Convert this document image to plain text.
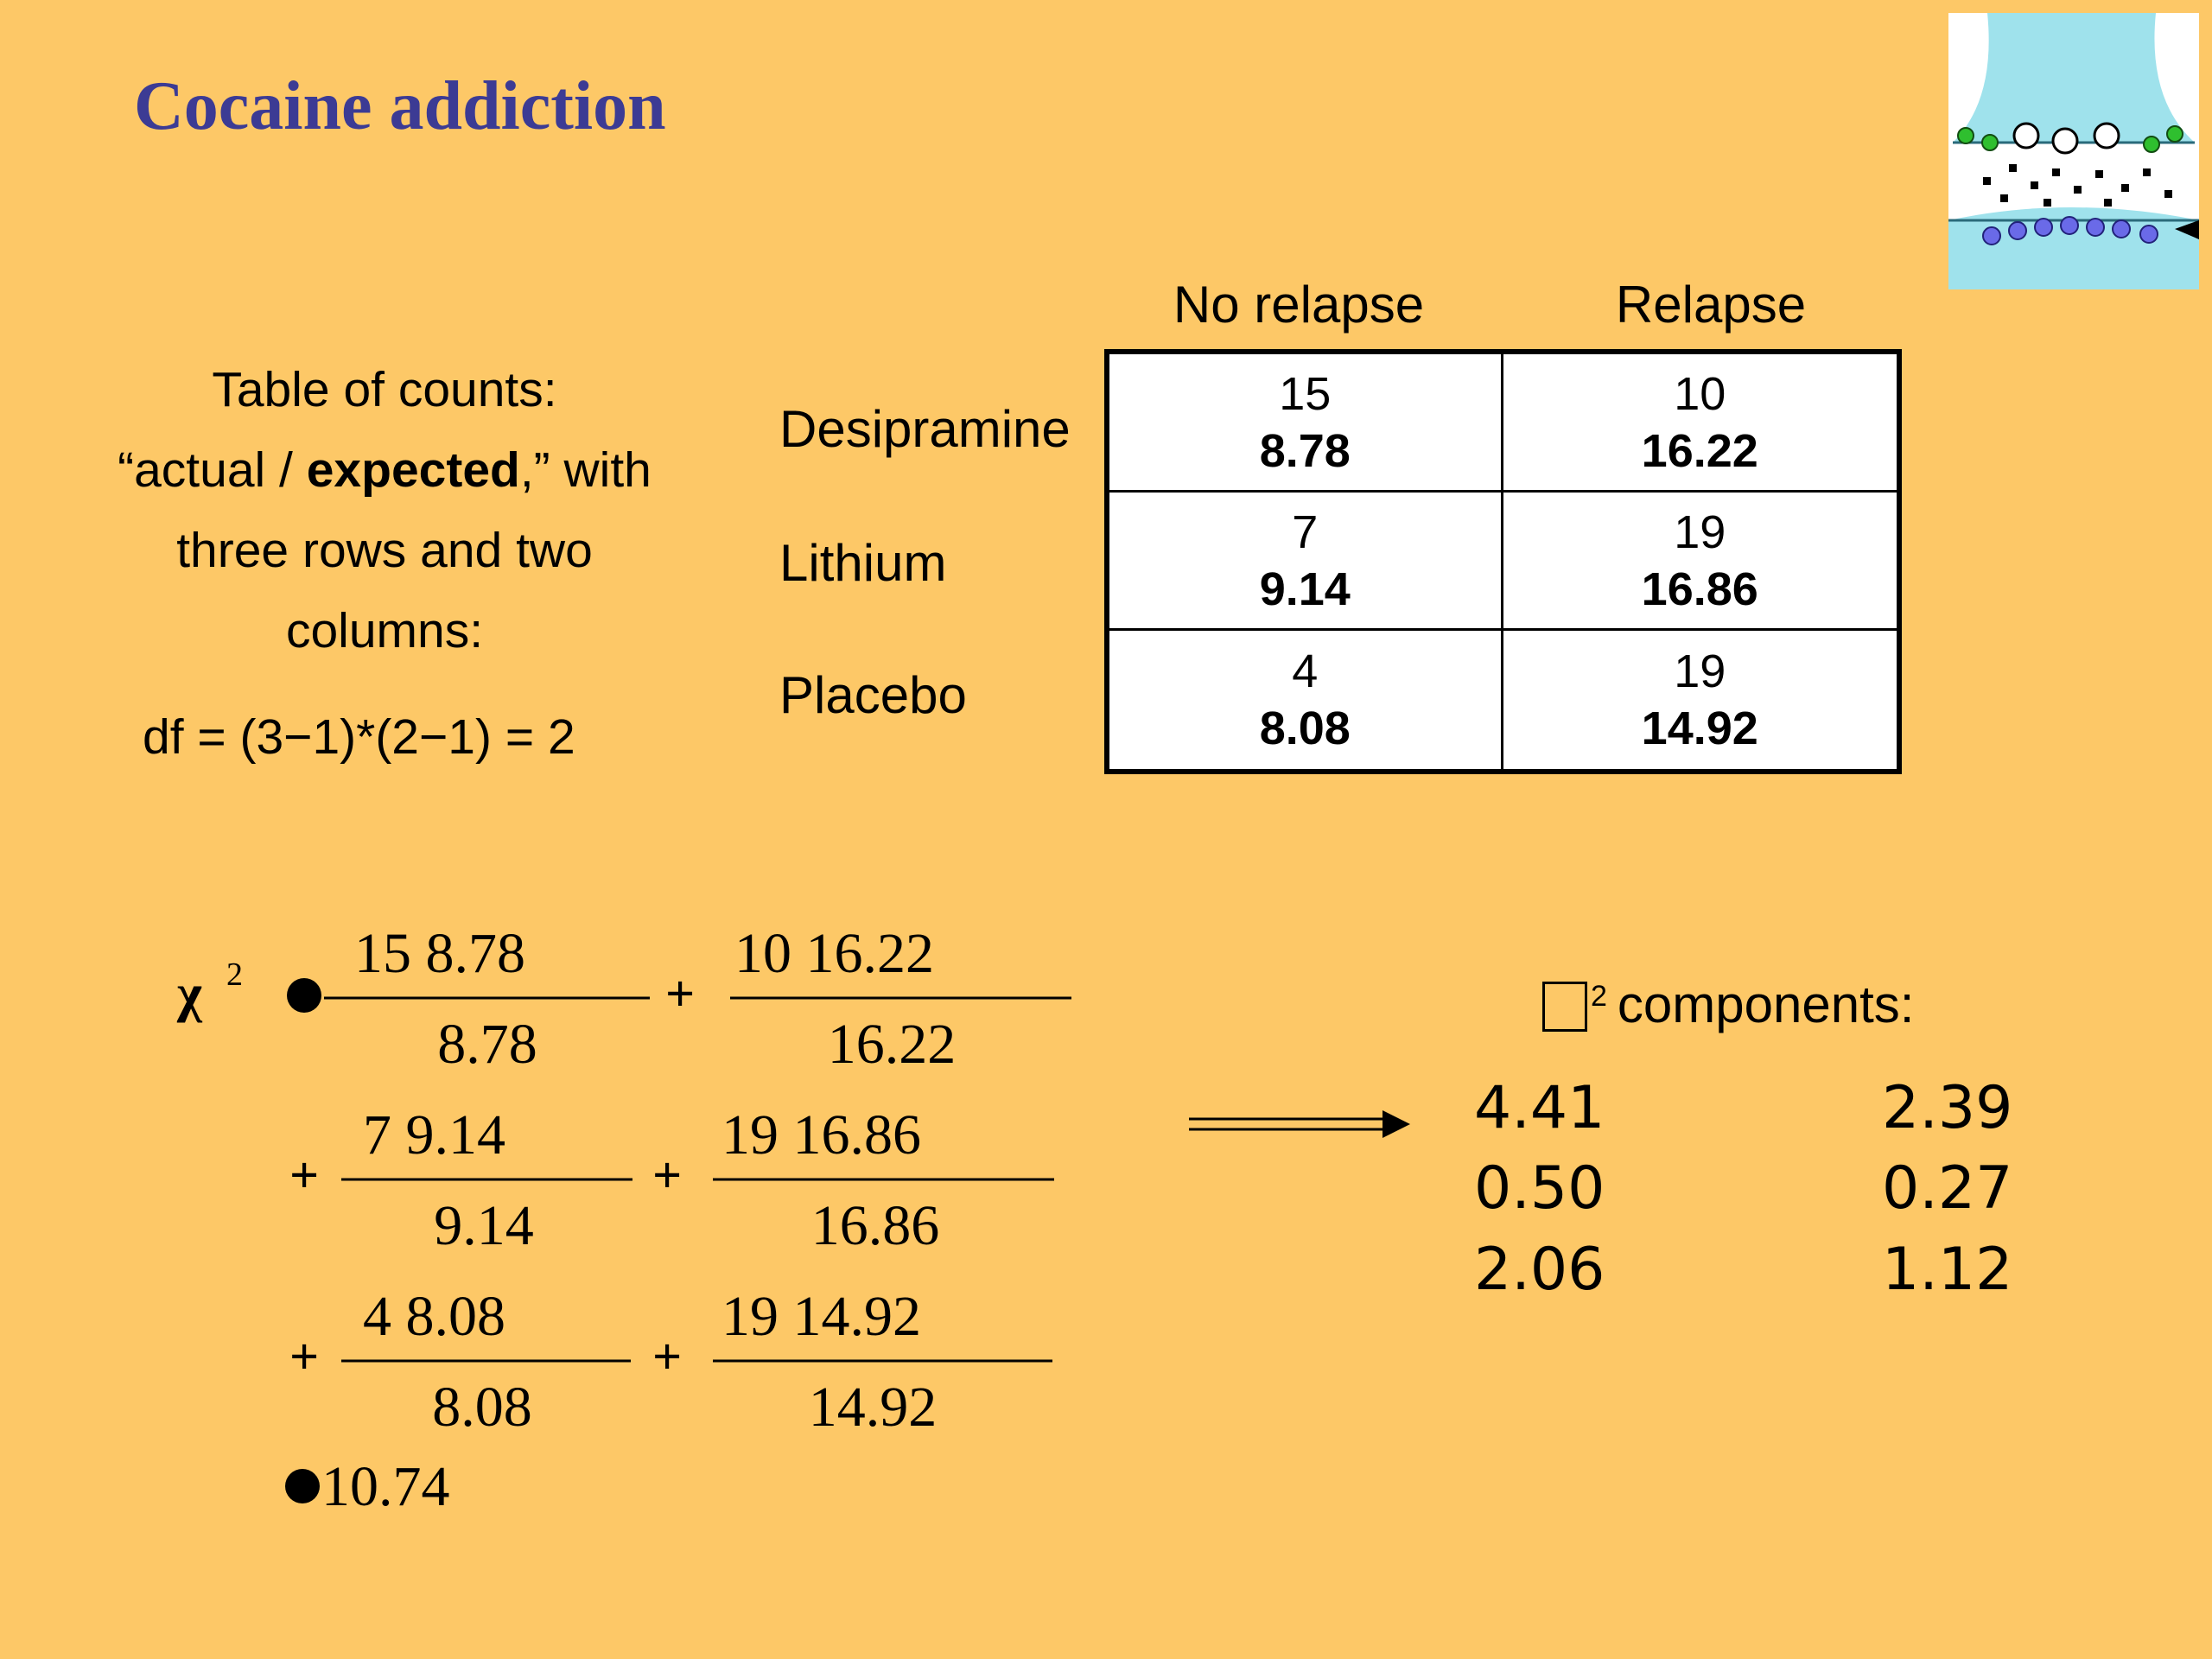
Cocaine addiction
Table of counts:
“actual / expected,” with
three rows and two
columns:
df = (3−1)*(2−1) = 2
No relapse	Relapse
Desipramine
Lithium
Placebo
15
8.78
10
16.22
7
9.14
19
16.86
4
8.08
19
14.92
χ 2 15 8.78
8.78
+
10 16.22
16.22
+
7 9.14
9.14
+
19 16.86
16.86
+
4 8.08
8.08
+
19 14.92
14.92
10.74
$^2$ components:
4.41
0.50
2.06
2.39
0.27
1.12
